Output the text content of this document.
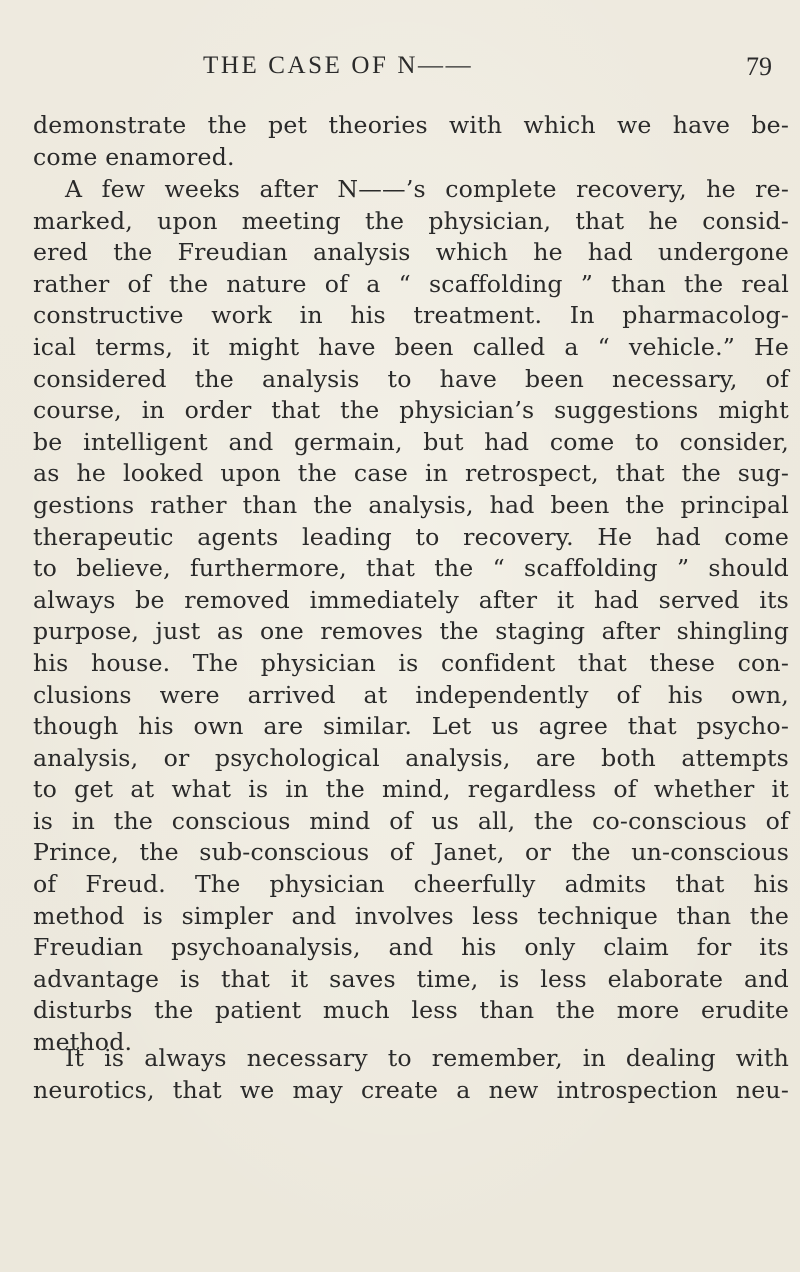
THE CASE OF N——	79
demonstrate the pet theories with which we have be-
come enamored.
A few weeks after N——’s complete recovery, he re-
marked, upon meeting the physician, that he consid-
ered the Freudian analysis which he had undergone
rather of the nature of a “ scaffolding ” than the real
constructive work in his treatment. In pharmacolog-
ical terms, it might have been called a “ vehicle.” He
considered the analysis to have been necessary, of
course, in order that the physician’s suggestions might
be intelligent and germain, but had come to consider,
as he looked upon the case in retrospect, that the sug-
gestions rather than the analysis, had been the principal
therapeutic agents leading to recovery. He had come
to believe, furthermore, that the “ scaffolding ” should
always be removed immediately after it had served its
purpose, just as one removes the staging after shingling
his house. The physician is confident that these con-
clusions were arrived at independently of his own,
though his own are similar. Let us agree that psycho-
analysis, or psychological analysis, are both attempts
to get at what is in the mind, regardless of whether it
is in the conscious mind of us all, the co-conscious of
Prince, the sub-conscious of Janet, or the un-conscious
of Freud. The physician cheerfully admits that his
method is simpler and involves less technique than the
Freudian psychoanalysis, and his only claim for its
advantage is that it saves time, is less elaborate and
disturbs the patient much less than the more erudite
method.
It is always necessary to remember, in dealing with
neurotics, that we may create a new introspection neu-
